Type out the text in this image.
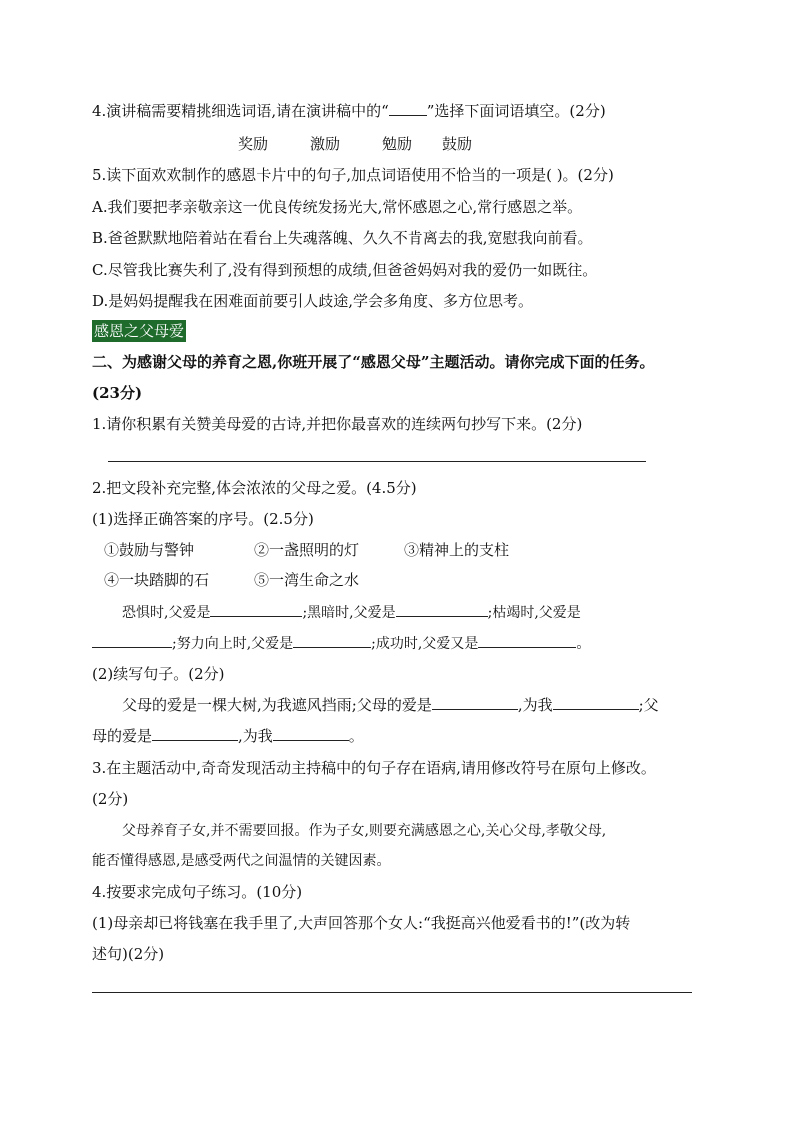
4.演讲稿需要精挑细选词语,请在演讲稿中的“	”选择下面词语填空。(2分)
奖励	激励	勉励 鼓励
5.读下面欢欢制作的感恩卡片中的句子,加点词语使用不恰当的一项是( )。(2分)
A.我们要把孝亲敬亲这一优良传统发扬光大,常怀感恩之心,常行感恩之举。
B.爸爸默默地陪着站在看台上失魂落魄、久久不肯离去的我,宽慰我向前看。
C.尽管我比赛失利了,没有得到预想的成绩,但爸爸妈妈对我的爱仍一如既往。
D.是妈妈提醒我在困难面前要引人歧途,学会多角度、多方位思考。
感恩之父母爱
二、为感谢父母的养育之恩,你班开展了“感恩父母”主题活动。请你完成下面的任务。
(23分)
1.请你积累有关赞美母爱的古诗,并把你最喜欢的连续两句抄写下来。(2分)
2.把文段补充完整,体会浓浓的父母之爱。(4.5分)
(1)选择正确答案的序号。(2.5分)
①鼓励与警钟	②一盏照明的灯	③精神上的支柱
④一块踏脚的石	⑤一湾生命之水
恐惧时,父爱是	;黑暗时,父爱是	;枯竭时,父爱是
;努力向上时,父爱是	;成功时,父爱又是	。
(2)续写句子。(2分)
父母的爱是一棵大树,为我遮风挡雨;父母的爱是	,为我	;父
母的爱是	,为我	。
3.在主题活动中,奇奇发现活动主持稿中的句子存在语病,请用修改符号在原句上修改。
(2分)
父母养育子女,并不需要回报。作为子女,则要充满感恩之心,关心父母,孝敬父母,
能否懂得感恩,是感受两代之间温情的关键因素。
4.按要求完成句子练习。(10分)
(1)母亲却已将钱塞在我手里了,大声回答那个女人:“我挺高兴他爱看书的!”(改为转
述句)(2分)
